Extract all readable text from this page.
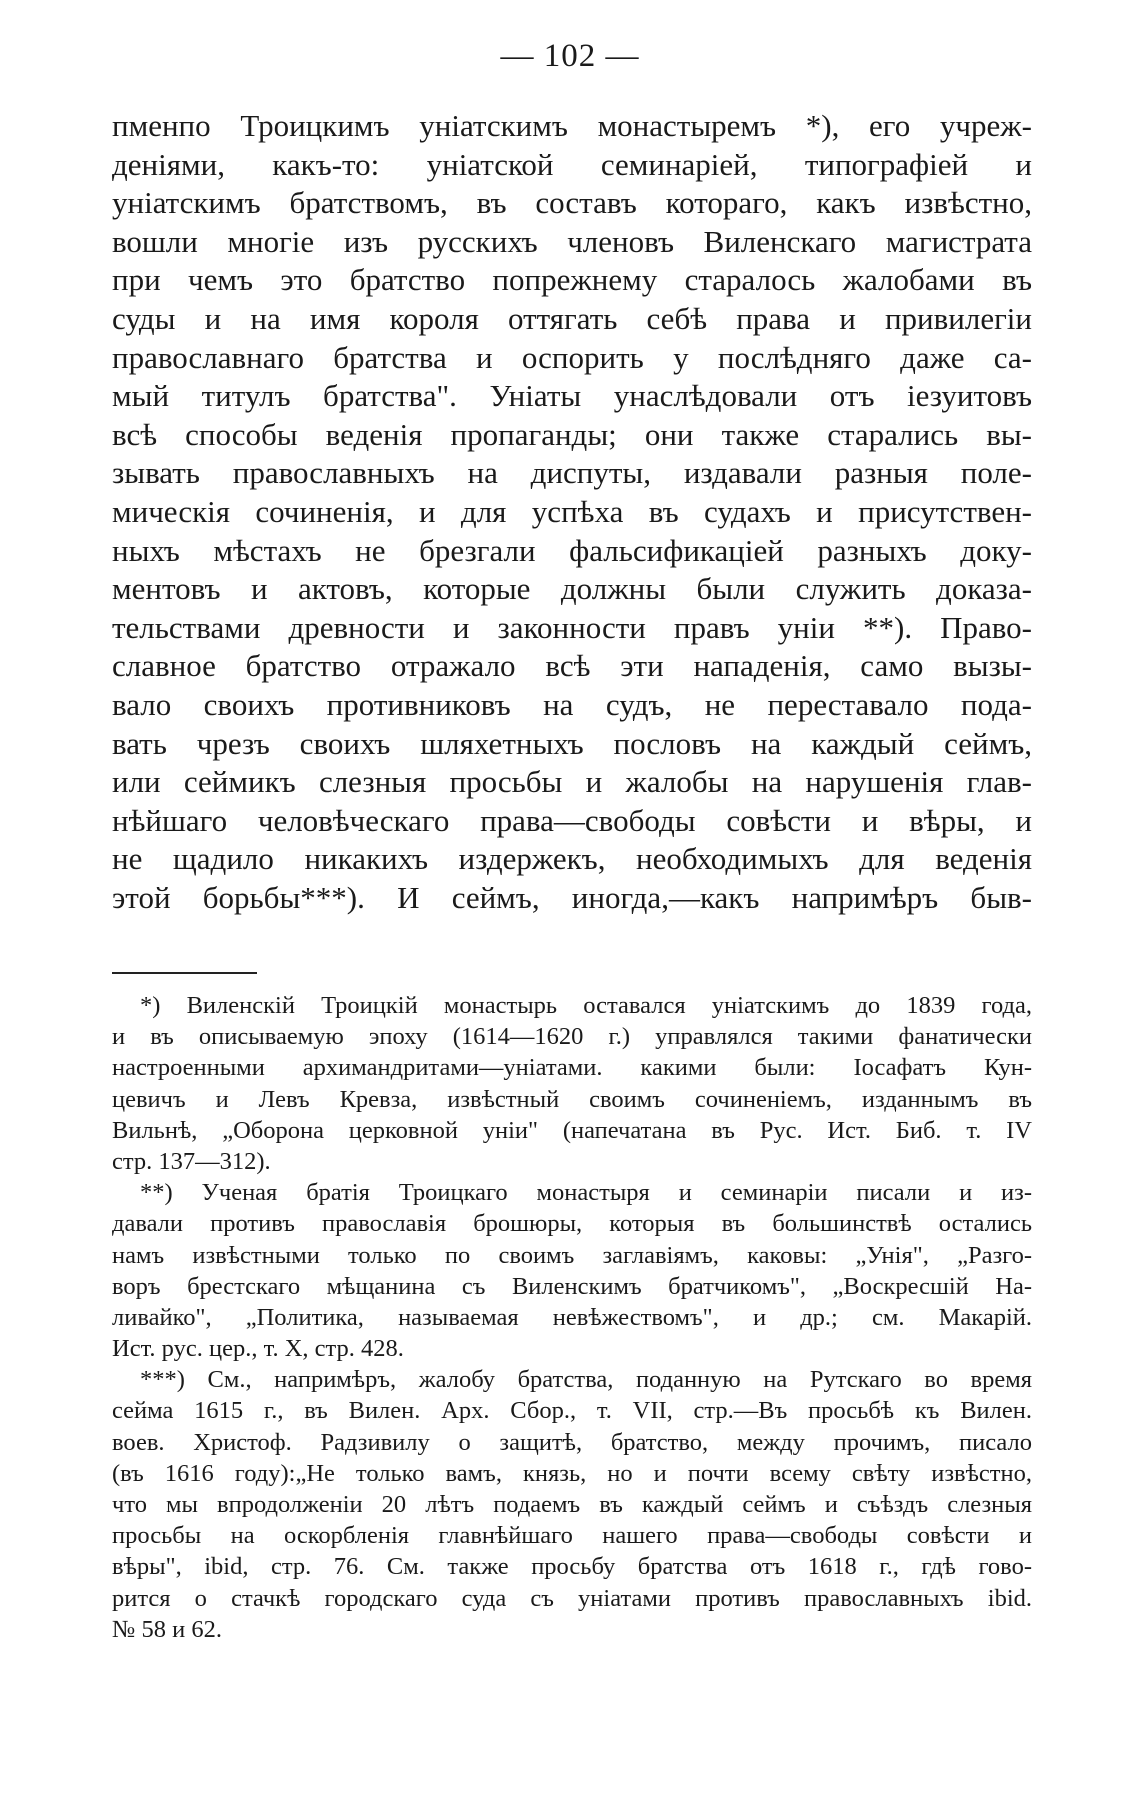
— 102 —
пменпо Троицкимъ уніатскимъ монастыремъ *), его учреж-
деніями, какъ-то: уніатской семинаріей, типографіей и
уніатскимъ братствомъ, въ составъ котораго, какъ извѣстно,
вошли многіе изъ русскихъ членовъ Виленскаго магистрата
при чемъ это братство попрежнему старалось жалобами въ
суды и на имя короля оттягать себѣ права и привилегіи
православнаго братства и оспорить у послѣдняго даже са-
мый титулъ братства". Уніаты унаслѣдовали отъ іезуитовъ
всѣ способы веденія пропаганды; они также старались вы-
зывать православныхъ на диспуты, издавали разныя поле-
мическія сочиненія, и для успѣха въ судахъ и присутствен-
ныхъ мѣстахъ не брезгали фальсификаціей разныхъ доку-
ментовъ и актовъ, которые должны были служить доказа-
тельствами древности и законности правъ уніи **). Право-
славное братство отражало всѣ эти нападенія, само вызы-
вало своихъ противниковъ на судъ, не переставало пода-
вать чрезъ своихъ шляхетныхъ пословъ на каждый сеймъ,
или сеймикъ слезныя просьбы и жалобы на нарушенія глав-
нѣйшаго человѣческаго права—свободы совѣсти и вѣры, и
не щадило никакихъ издержекъ, необходимыхъ для веденія
этой борьбы***). И сеймъ, иногда,—какъ напримѣръ быв-
*) Виленскій Троицкій монастырь оставался уніатскимъ до 1839 года,
и въ описываемую эпоху (1614—1620 г.) управлялся такими фанатически
настроенными архимандритами—уніатами. какими были: Іосафатъ Кун-
цевичъ и Левъ Кревза, извѣстный своимъ сочиненіемъ, изданнымъ въ
Вильнѣ, „Оборона церковной уніи" (напечатана въ Рус. Ист. Биб. т. IV
стр. 137—312).
**) Ученая братія Троицкаго монастыря и семинаріи писали и из-
давали противъ православія брошюры, которыя въ большинствѣ остались
намъ извѣстными только по своимъ заглавіямъ, каковы: „Унія", „Разго-
воръ брестскаго мѣщанина съ Виленскимъ братчикомъ", „Воскресшій На-
ливайко", „Политика, называемая невѣжествомъ", и др.; см. Макарій.
Ист. рус. цер., т. X, стр. 428.
***) См., напримѣръ, жалобу братства, поданную на Рутскаго во время
сейма 1615 г., въ Вилен. Арх. Сбор., т. VII, стр.—Въ просьбѣ къ Вилен.
воев. Христоф. Радзивилу о защитѣ, братство, между прочимъ, писало
(въ 1616 году):„Не только вамъ, князь, но и почти всему свѣту извѣстно,
что мы впродолженіи 20 лѣтъ подаемъ въ каждый сеймъ и съѣздъ слезныя
просьбы на оскорбленія главнѣйшаго нашего права—свободы совѣсти и
вѣры", ibid, стр. 76. См. также просьбу братства отъ 1618 г., гдѣ гово-
рится о стачкѣ городскаго суда съ уніатами противъ православныхъ ibid.
№ 58 и 62.
